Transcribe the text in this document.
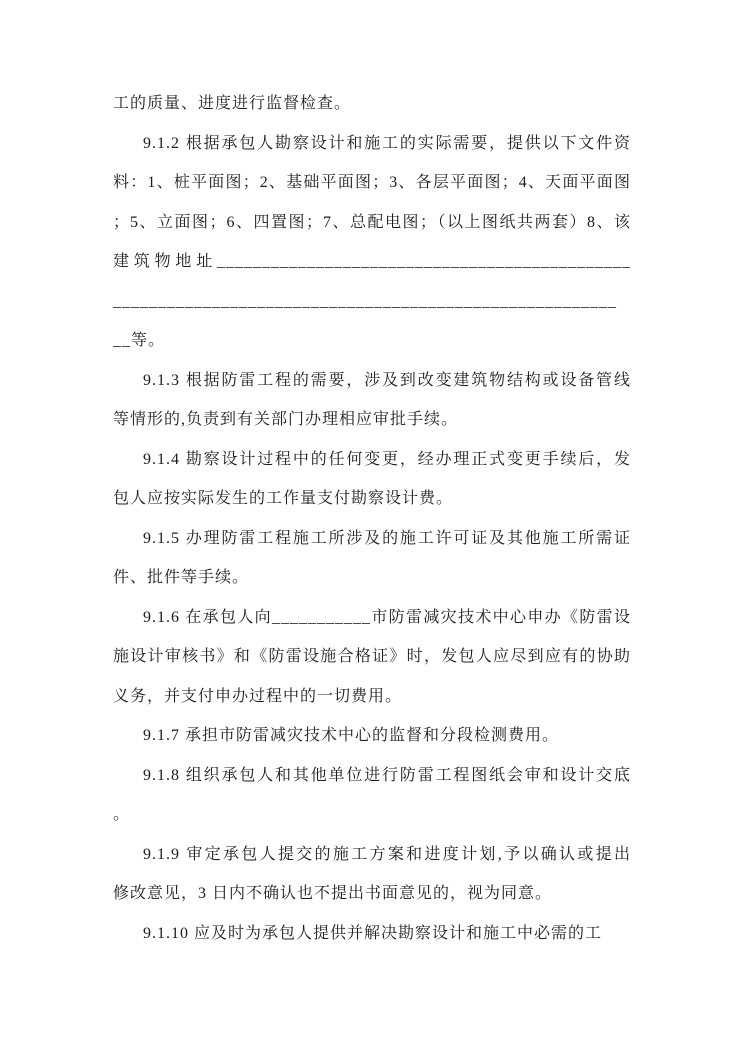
工的质量、进度进行监督检查。
9.1.2 根据承包人勘察设计和施工的实际需要，提供以下文件资
料：1、桩平面图；2、基础平面图；3、各层平面图；4、天面平面图
；5、立面图；6、四置图；7、总配电图；（以上图纸共两套）8、该
建筑物地址______________________________________________
________________________________________________________
__等。
9.1.3 根据防雷工程的需要，涉及到改变建筑物结构或设备管线
等情形的,负责到有关部门办理相应审批手续。
9.1.4 勘察设计过程中的任何变更，经办理正式变更手续后，发
包人应按实际发生的工作量支付勘察设计费。
9.1.5 办理防雷工程施工所涉及的施工许可证及其他施工所需证
件、批件等手续。
9.1.6 在承包人向___________市防雷减灾技术中心申办《防雷设
施设计审核书》和《防雷设施合格证》时，发包人应尽到应有的协助
义务，并支付申办过程中的一切费用。
9.1.7 承担市防雷减灾技术中心的监督和分段检测费用。
9.1.8 组织承包人和其他单位进行防雷工程图纸会审和设计交底
。
9.1.9 审定承包人提交的施工方案和进度计划,予以确认或提出
修改意见，3 日内不确认也不提出书面意见的，视为同意。
9.1.10 应及时为承包人提供并解决勘察设计和施工中必需的工
